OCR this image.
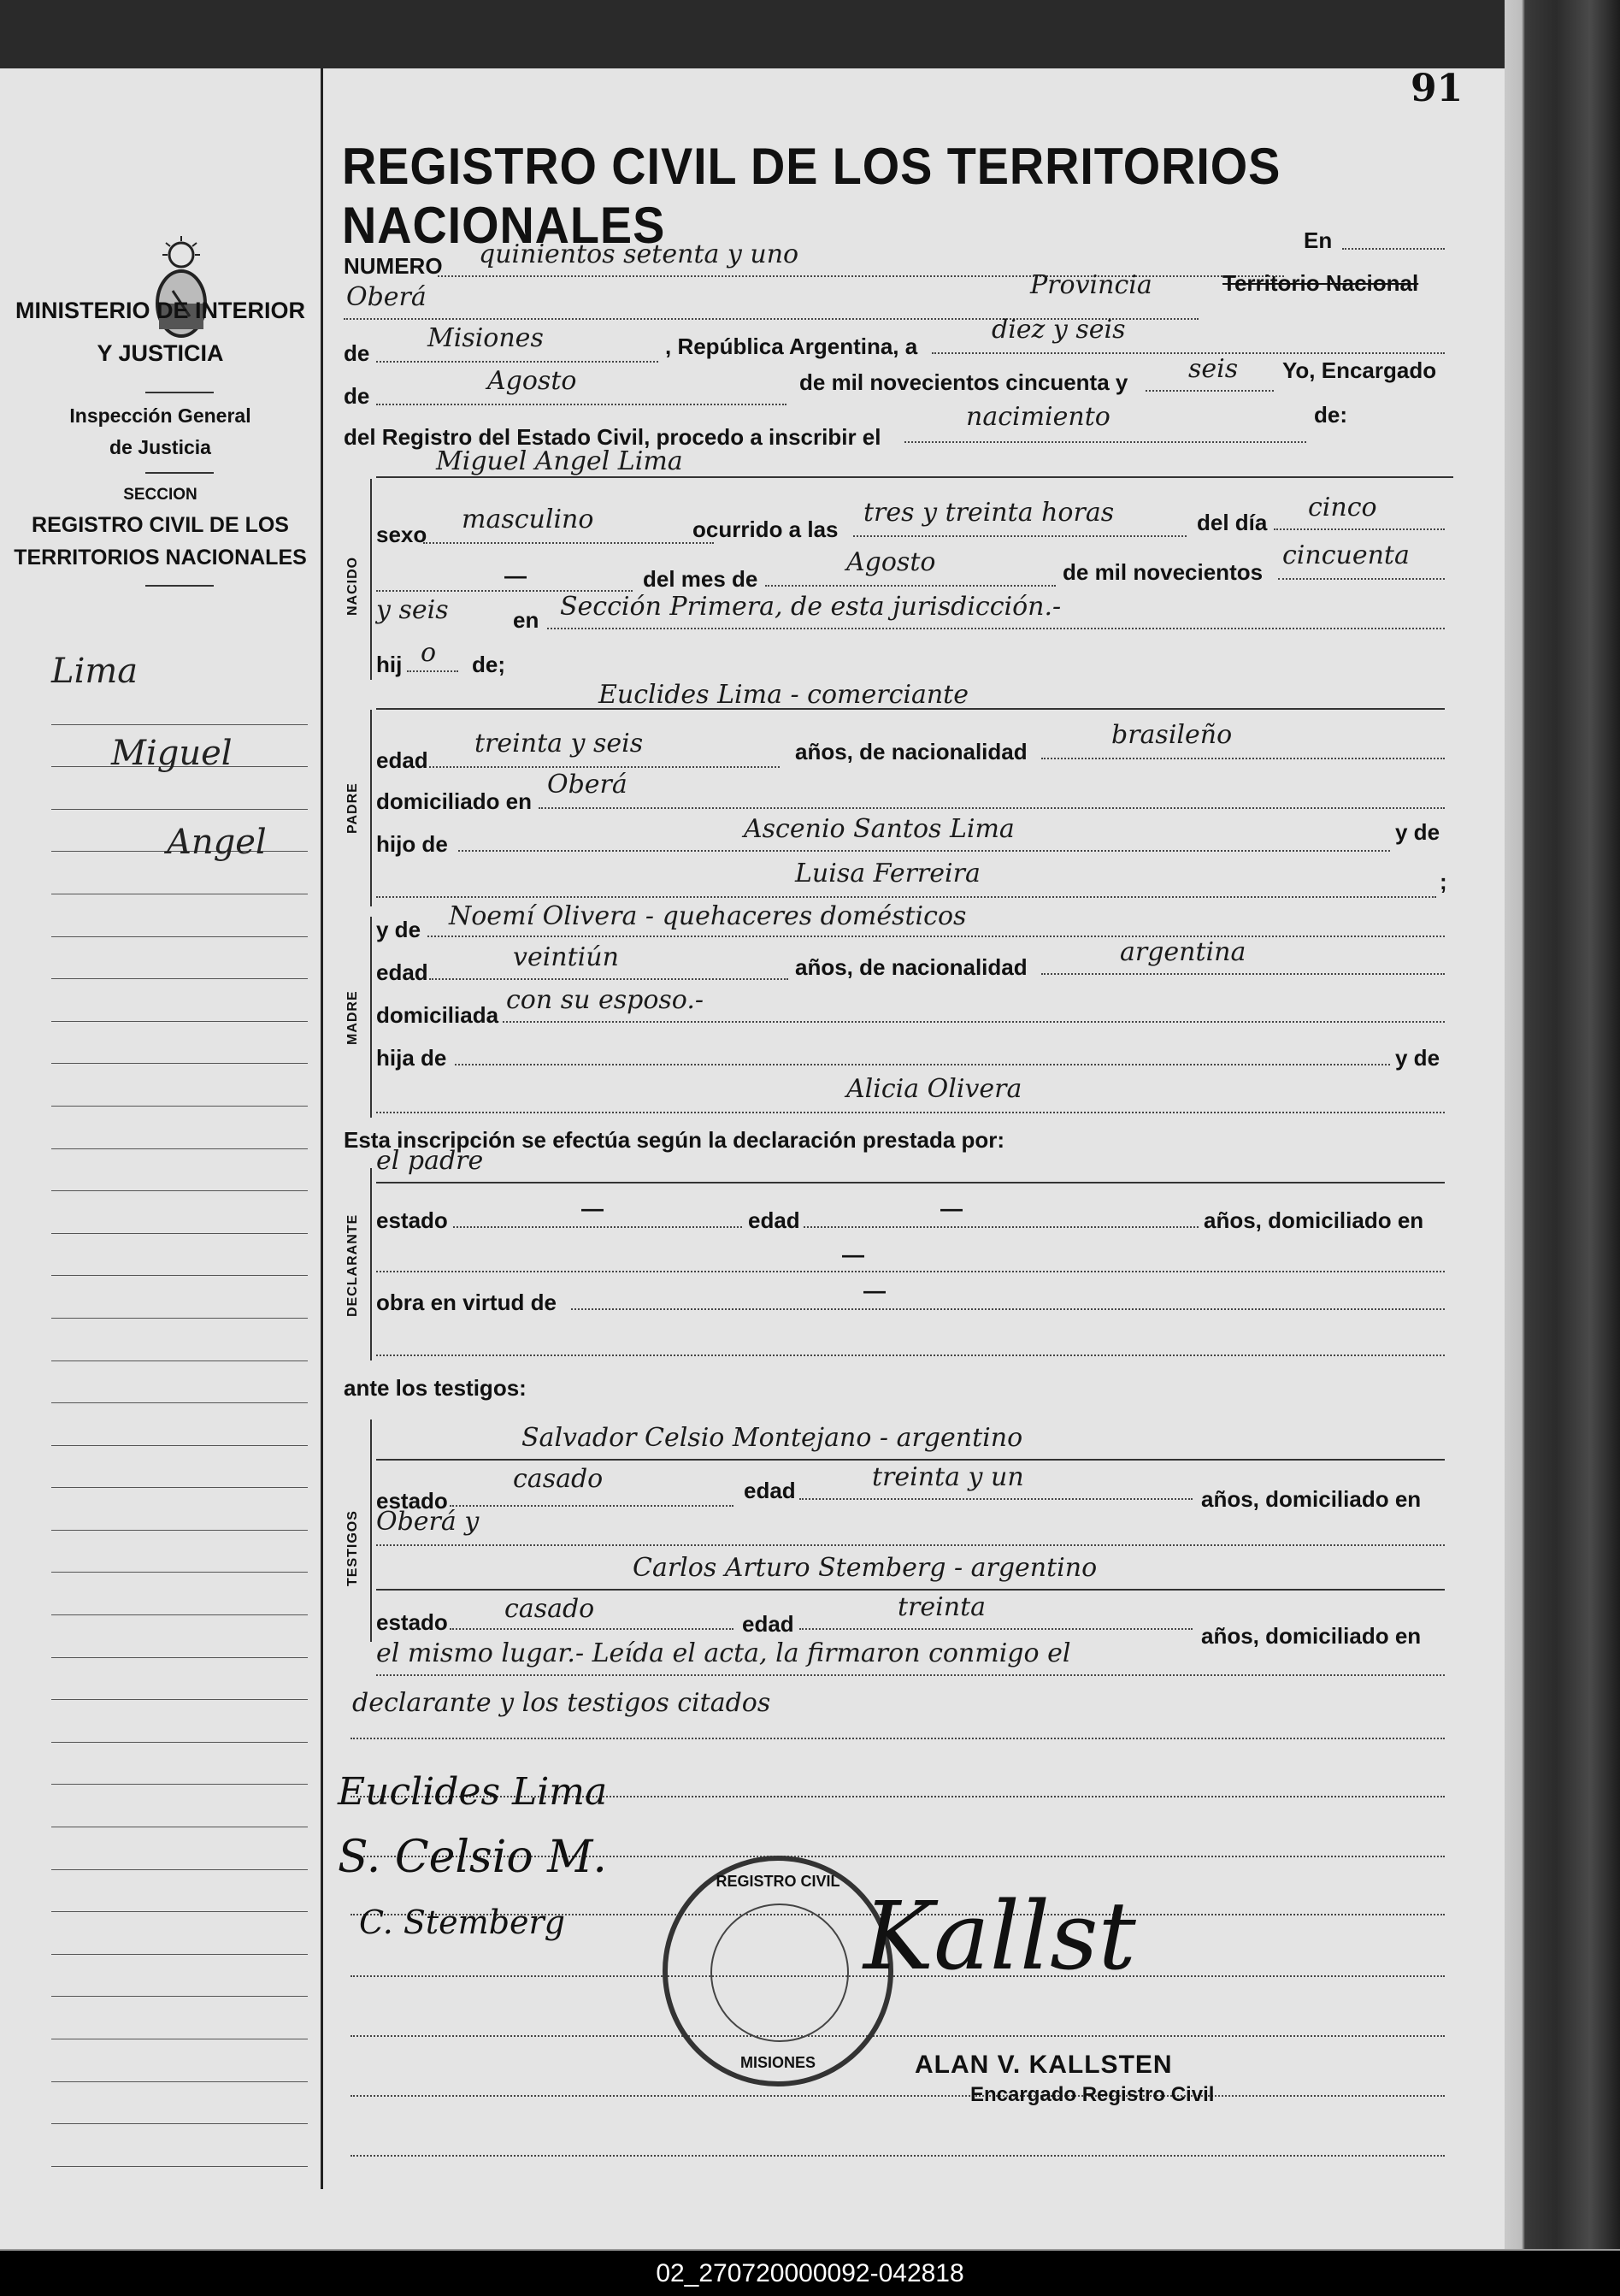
MINISTERIO DE INTERIOR
Y JUSTICIA
Inspección General
de Justicia
SECCION
REGISTRO CIVIL DE LOS
TERRITORIOS NACIONALES
Lima
Miguel
Angel
91
REGISTRO CIVIL DE LOS TERRITORIOS NACIONALES
NUMERO quinientos setenta y uno	En
Oberá	Provincia	Territorio Nacional
de Misiones	, República Argentina, a
diez y seis
de	Agosto	de mil novecientos cincuenta y seis Yo, Encargado
del Registro del Estado Civil, procedo a inscribir el
nacimiento	de:
NACIDO
Miguel Angel Lima
sexo masculino	ocurrido a las
tres y treinta horas	del día cinco
—	del mes de
Agosto	de mil novecientos
cincuenta
y seis	en Sección Primera, de esta jurisdicción.-
hij o de;
PADRE
Euclides Lima - comerciante
edad
treinta y seis	años, de nacionalidad
brasileño
domiciliado en
Oberá
hijo de	Ascenio Santos Lima	y de
Luisa Ferreira	;
MADRE
y de Noemí Olivera - quehaceres domésticos
edad	veintiún	años, de nacionalidad	argentina
domiciliada con su esposo.-
hija de	y de
Alicia Olivera
Esta inscripción se efectúa según la declaración prestada por:
DECLARANTE
el padre
estado	—	edad	—	años, domiciliado en
—
obra en virtud de	—
ante los testigos:
TESTIGOS
Salvador Celsio Montejano - argentino
estado
casado	edad	treinta y un
años, domiciliado en
Oberá y
Carlos Arturo Stemberg - argentino
estado casado	edad
treinta
años, domiciliado en
el mismo lugar.- Leída el acta, la firmaron conmigo el
declarante y los testigos citados
Euclides Lima
S. Celsio M.
C. Stemberg
REGISTRO CIVIL
MISIONES
Kallst
ALAN V. KALLSTEN
Encargado Registro Civil
02_270720000092-042818
